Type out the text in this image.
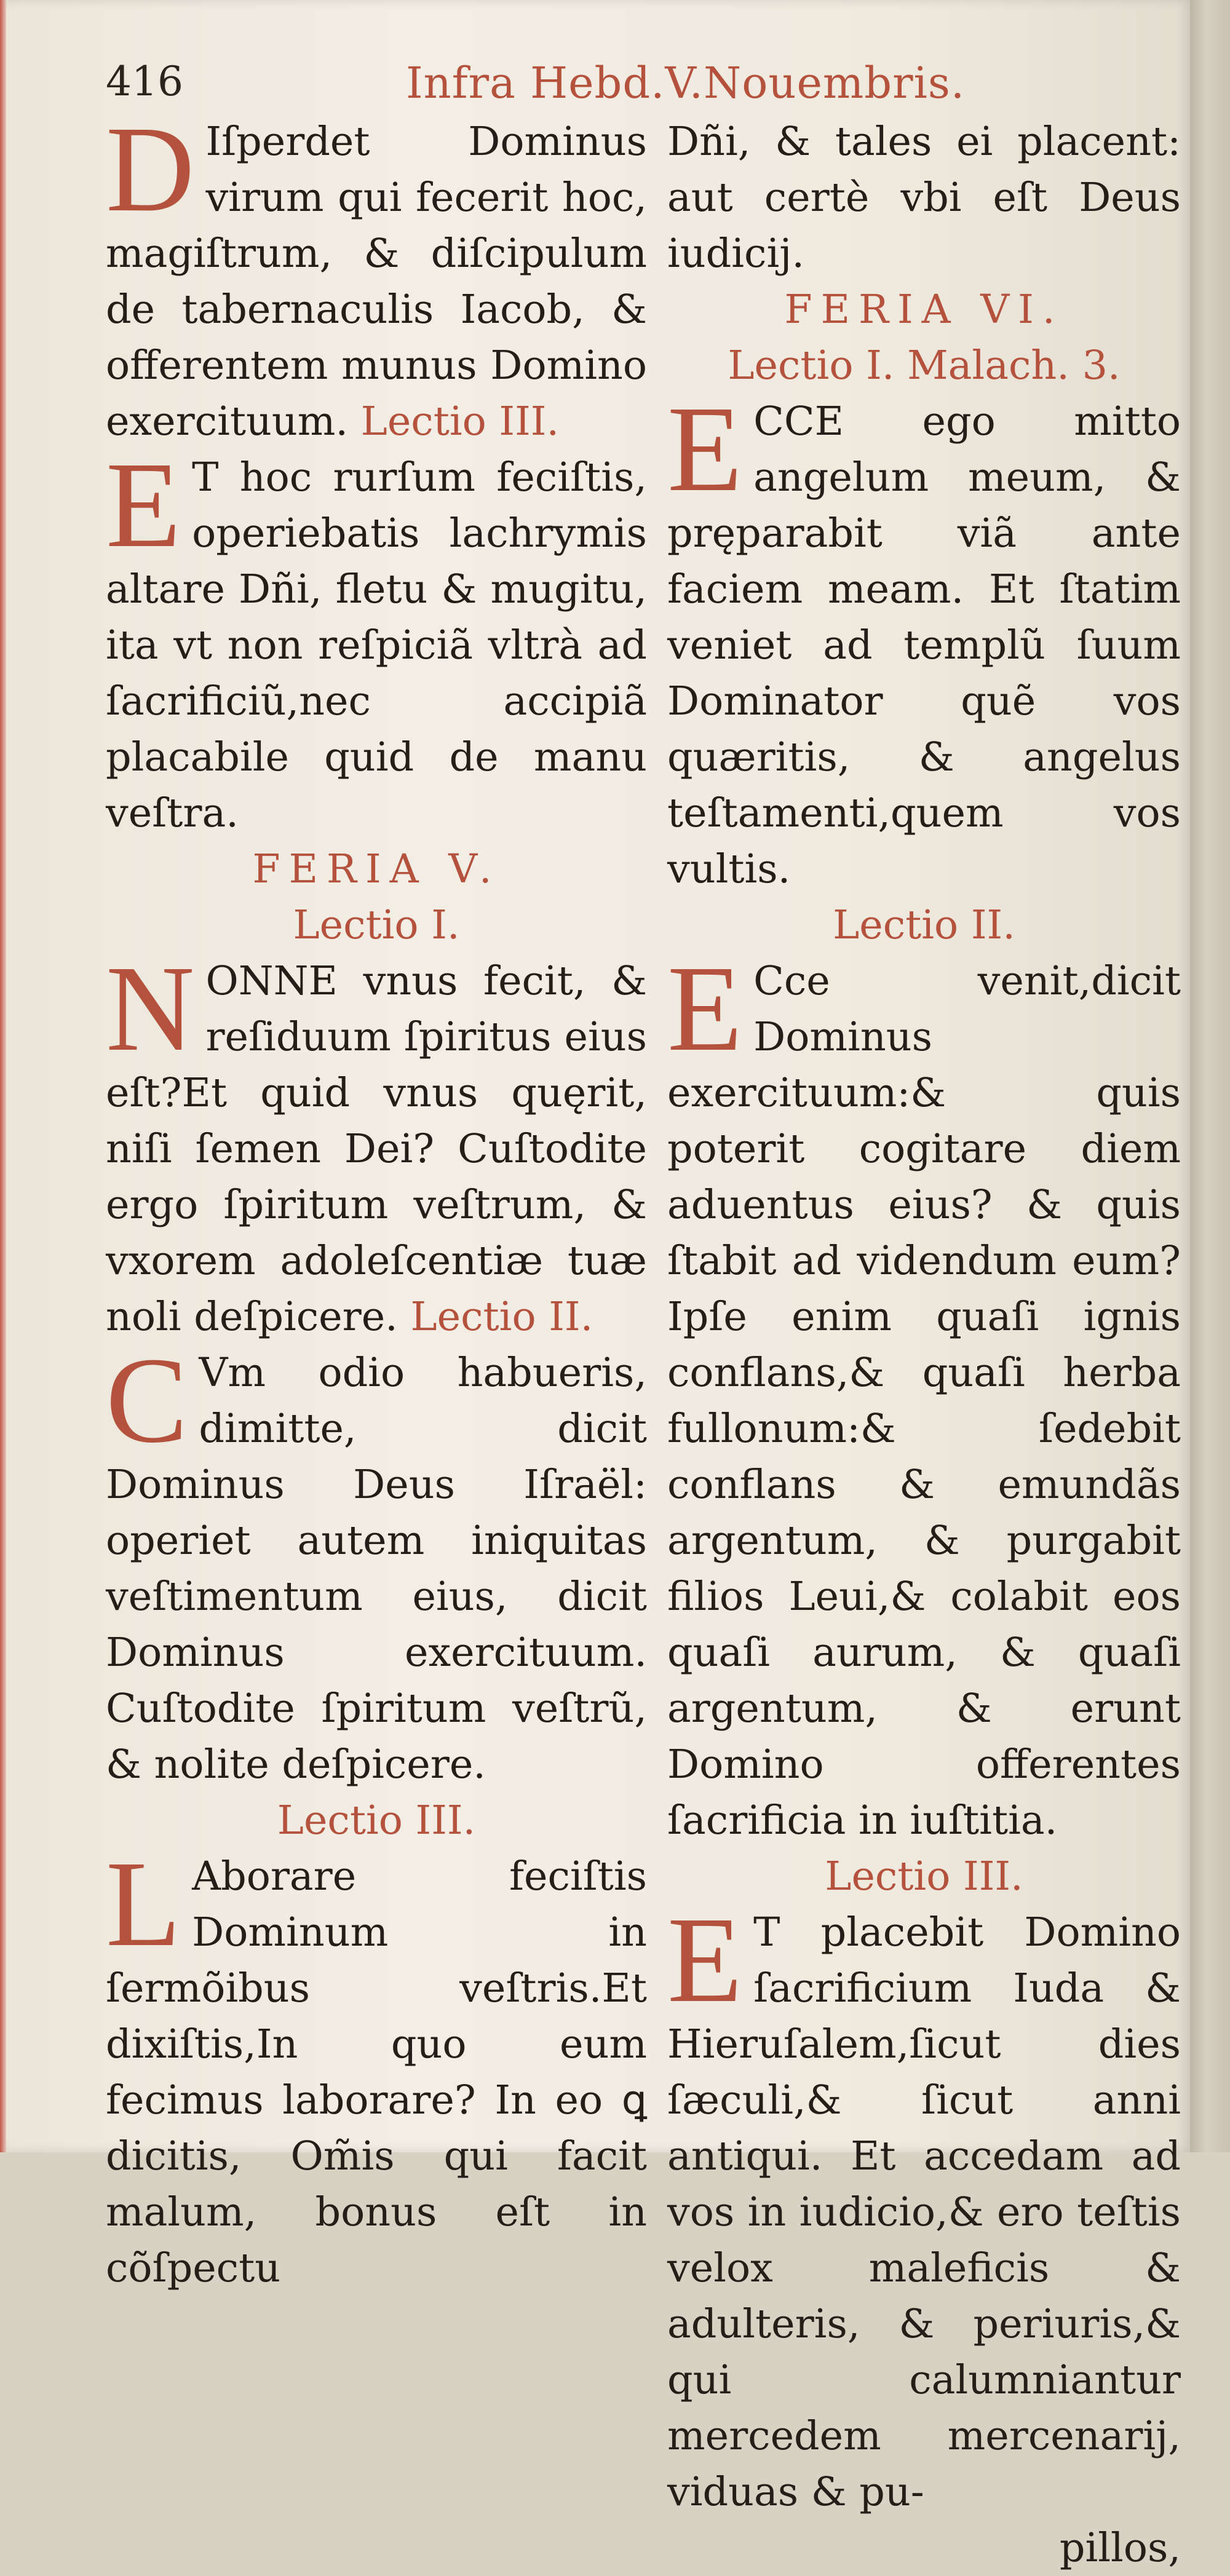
416	Infra Hebd.V.Nouembris.

D Iſperdet Dominus virum qui fecerit hoc, magiſtrum, & diſcipulum de tabernaculis Iacob, & offerentem munus Domino exercituum. Lectio III.

E T hoc rurſum feciſtis, operiebatis lachrymis altare Dñi, fletu & mugitu, ita vt non reſpiciã vltrà ad ſacrificiũ,nec accipiã placabile quid de manu veſtra.

FERIA V.

Lectio I.

N ONNE vnus fecit, & reſiduum ſpiritus eius eſt?Et quid vnus quęrit, niſi ſemen Dei? Cuſtodite ergo ſpiritum veſtrum, & vxorem adoleſcentiæ tuæ noli deſpicere. Lectio II.

C Vm odio habueris, dimitte, dicit Dominus Deus Iſraël: operiet autem iniquitas veſtimentum eius, dicit Dominus exercituum. Cuſtodite ſpiritum veſtrũ, & nolite deſpicere.

Lectio III.

L Aborare feciſtis Dominum in ſermõibus veſtris.Et dixiſtis,In quo eum fecimus laborare? In eo ꝗ dicitis, Om̃is qui facit malum, bonus eſt in cõſpectu

Dñi, & tales ei placent: aut certè vbi eſt Deus iudicij.

FERIA VI.

Lectio I. Malach. 3.

E CCE ego mitto angelum meum, & pręparabit viã ante faciem meam. Et ſtatim veniet ad templũ ſuum Dominator quẽ vos quæritis, & angelus teſtamenti,quem vos vultis.

Lectio II.

E Cce venit,dicit Dominus exercituum:& quis poterit cogitare diem aduentus eius? & quis ſtabit ad videndum eum? Ipſe enim quaſi ignis conflans,& quaſi herba fullonum:& ſedebit conflans & emundãs argentum, & purgabit filios Leui,& colabit eos quaſi aurum, & quaſi argentum, & erunt Domino offerentes ſacrificia in iuſtitia.

Lectio III.

E T placebit Domino ſacrificium Iuda & Hieruſalem,ſicut dies ſæculi,& ſicut anni antiqui. Et accedam ad vos in iudicio,& ero teſtis velox maleficis & adulteris, & periuris,& qui calumniantur mercedem mercenarij, viduas & pu-

pillos,
